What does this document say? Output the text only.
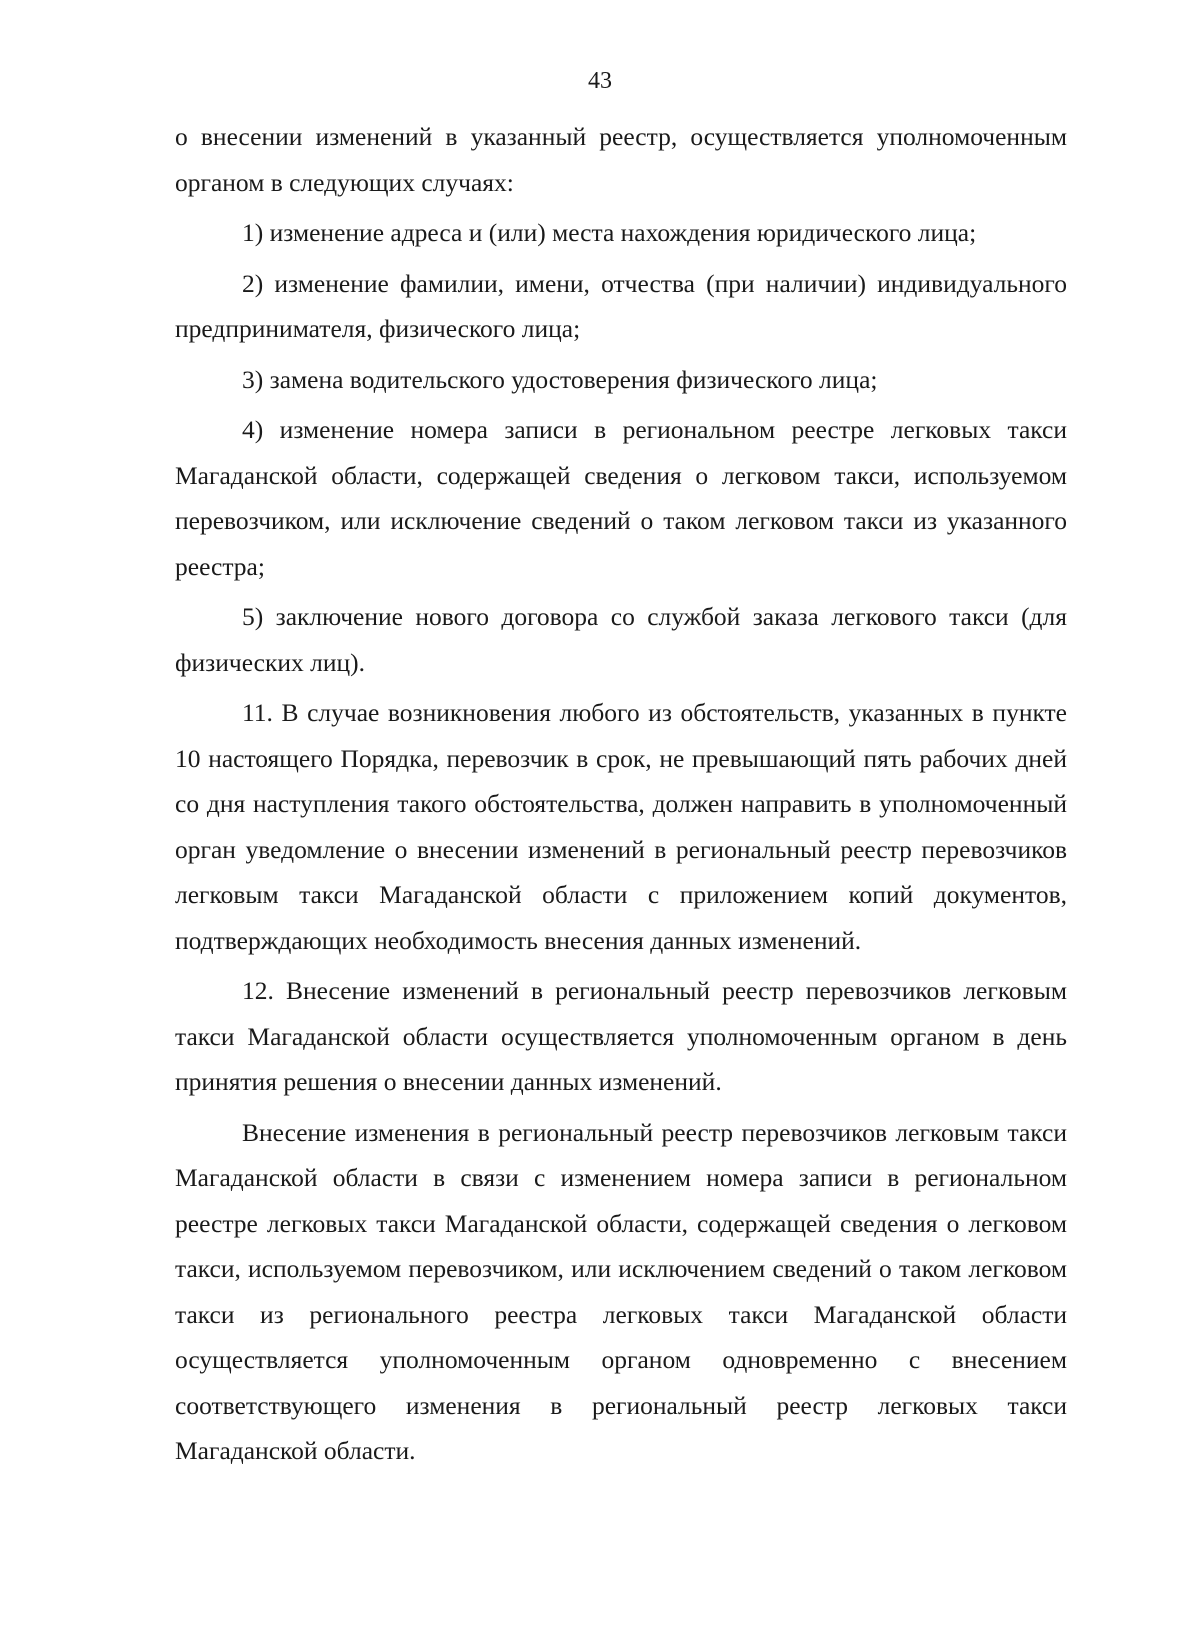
43

о внесении изменений в указанный реестр, осуществляется уполномоченным органом в следующих случаях:

1) изменение адреса и (или) места нахождения юридического лица;

2) изменение фамилии, имени, отчества (при наличии) индивидуального предпринимателя, физического лица;

3) замена водительского удостоверения физического лица;

4) изменение номера записи в региональном реестре легковых такси Магаданской области, содержащей сведения о легковом такси, используемом перевозчиком, или исключение сведений о таком легковом такси из указанного реестра;

5) заключение нового договора со службой заказа легкового такси (для физических лиц).

11. В случае возникновения любого из обстоятельств, указанных в пункте 10 настоящего Порядка, перевозчик в срок, не превышающий пять рабочих дней со дня наступления такого обстоятельства, должен направить в уполномоченный орган уведомление о внесении изменений в региональный реестр перевозчиков легковым такси Магаданской области с приложением копий документов, подтверждающих необходимость внесения данных изменений.

12. Внесение изменений в региональный реестр перевозчиков легковым такси Магаданской области осуществляется уполномоченным органом в день принятия решения о внесении данных изменений.

Внесение изменения в региональный реестр перевозчиков легковым такси Магаданской области в связи с изменением номера записи в региональном реестре легковых такси Магаданской области, содержащей сведения о легковом такси, используемом перевозчиком, или исключением сведений о таком легковом такси из регионального реестра легковых такси Магаданской области осуществляется уполномоченным органом одновременно с внесением соответствующего изменения в региональный реестр легковых такси Магаданской области.
